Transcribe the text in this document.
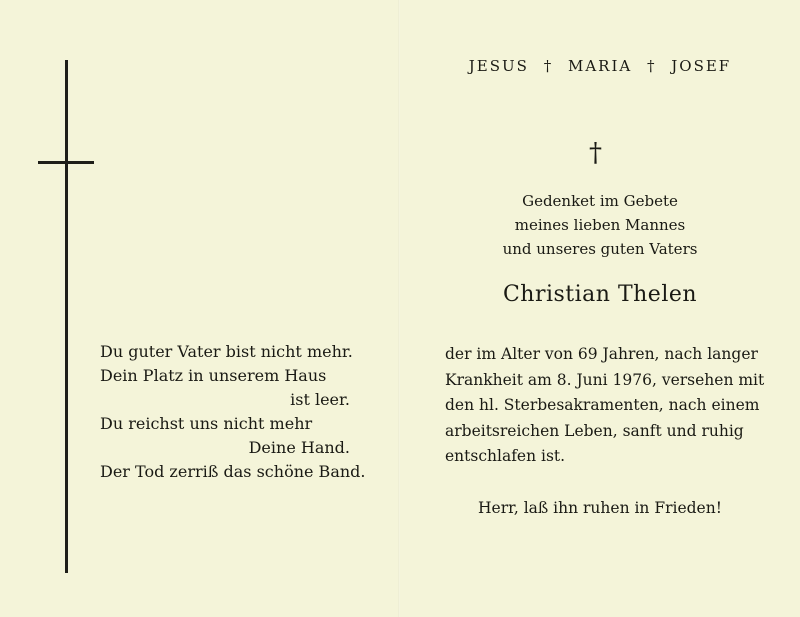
Du guter Vater bist nicht mehr.
Dein Platz in unserem Haus
ist leer.
Du reichst uns nicht mehr
Deine Hand.
Der Tod zerriß das schöne Band.
JESUS † MARIA † JOSEF
†
Gedenket im Gebete
meines lieben Mannes
und unseres guten Vaters
Christian Thelen
der im Alter von 69 Jahren, nach langer
Krankheit am 8. Juni 1976, versehen mit
den hl. Sterbesakramenten, nach einem
arbeitsreichen Leben, sanft und ruhig
entschlafen ist.
Herr, laß ihn ruhen in Frieden!
